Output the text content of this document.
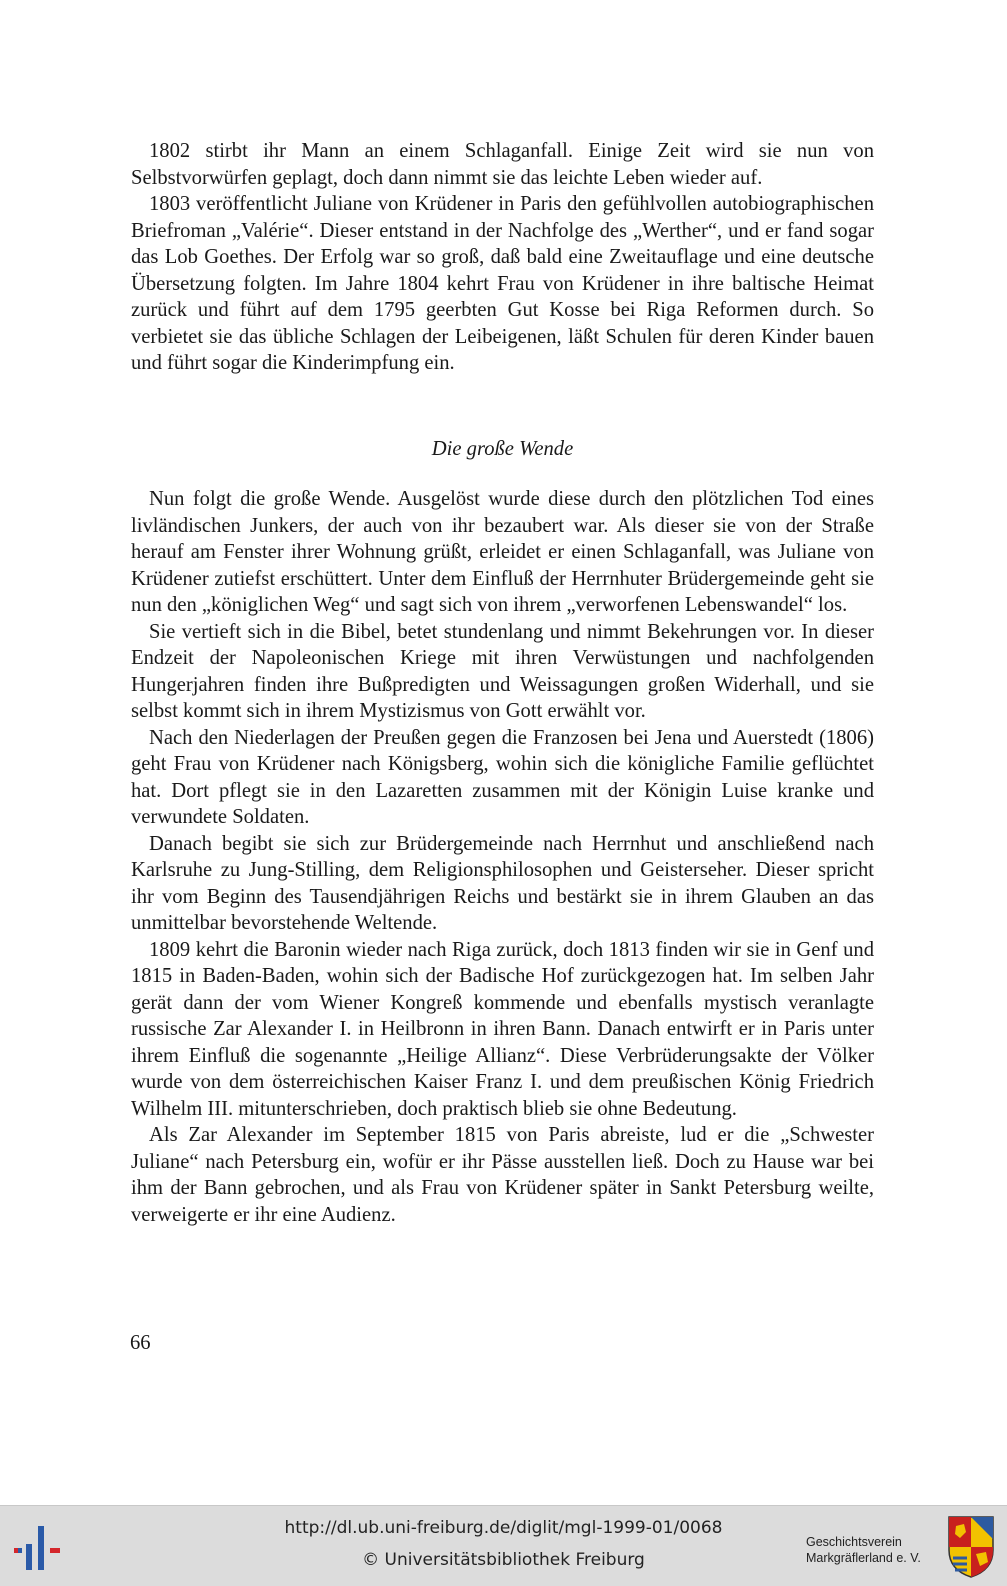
1802 stirbt ihr Mann an einem Schlaganfall. Einige Zeit wird sie nun von Selbstvorwürfen geplagt, doch dann nimmt sie das leichte Leben wieder auf.

1803 veröffentlicht Juliane von Krüdener in Paris den gefühlvollen autobiographischen Briefroman „Valérie“. Dieser entstand in der Nachfolge des „Werther“, und er fand sogar das Lob Goethes. Der Erfolg war so groß, daß bald eine Zweitauflage und eine deutsche Übersetzung folgten. Im Jahre 1804 kehrt Frau von Krüdener in ihre baltische Heimat zurück und führt auf dem 1795 geerbten Gut Kosse bei Riga Reformen durch. So verbietet sie das übliche Schlagen der Leibeigenen, läßt Schulen für deren Kinder bauen und führt sogar die Kinderimpfung ein.

Die große Wende

Nun folgt die große Wende. Ausgelöst wurde diese durch den plötzlichen Tod eines livländischen Junkers, der auch von ihr bezaubert war. Als dieser sie von der Straße herauf am Fenster ihrer Wohnung grüßt, erleidet er einen Schlaganfall, was Juliane von Krüdener zutiefst erschüttert. Unter dem Einfluß der Herrnhuter Brüdergemeinde geht sie nun den „königlichen Weg“ und sagt sich von ihrem „verworfenen Lebenswandel“ los.

Sie vertieft sich in die Bibel, betet stundenlang und nimmt Bekehrungen vor. In dieser Endzeit der Napoleonischen Kriege mit ihren Verwüstungen und nachfolgenden Hungerjahren finden ihre Bußpredigten und Weissagungen großen Widerhall, und sie selbst kommt sich in ihrem Mystizismus von Gott erwählt vor.

Nach den Niederlagen der Preußen gegen die Franzosen bei Jena und Auerstedt (1806) geht Frau von Krüdener nach Königsberg, wohin sich die königliche Familie geflüchtet hat. Dort pflegt sie in den Lazaretten zusammen mit der Königin Luise kranke und verwundete Soldaten.

Danach begibt sie sich zur Brüdergemeinde nach Herrnhut und anschließend nach Karlsruhe zu Jung-Stilling, dem Religionsphilosophen und Geisterseher. Dieser spricht ihr vom Beginn des Tausendjährigen Reichs und bestärkt sie in ihrem Glauben an das unmittelbar bevorstehende Weltende.

1809 kehrt die Baronin wieder nach Riga zurück, doch 1813 finden wir sie in Genf und 1815 in Baden-Baden, wohin sich der Badische Hof zurückgezogen hat. Im selben Jahr gerät dann der vom Wiener Kongreß kommende und ebenfalls mystisch veranlagte russische Zar Alexander I. in Heilbronn in ihren Bann. Danach entwirft er in Paris unter ihrem Einfluß die sogenannte „Heilige Allianz“. Diese Verbrüderungsakte der Völker wurde von dem österreichischen Kaiser Franz I. und dem preußischen König Friedrich Wilhelm III. mitunterschrieben, doch praktisch blieb sie ohne Bedeutung.

Als Zar Alexander im September 1815 von Paris abreiste, lud er die „Schwester Juliane“ nach Petersburg ein, wofür er ihr Pässe ausstellen ließ. Doch zu Hause war bei ihm der Bann gebrochen, und als Frau von Krüdener später in Sankt Petersburg weilte, verweigerte er ihr eine Audienz.

66
http://dl.ub.uni-freiburg.de/diglit/mgl-1999-01/0068
© Universitätsbibliothek Freiburg
Geschichtsverein
Markgräflerland e. V.
